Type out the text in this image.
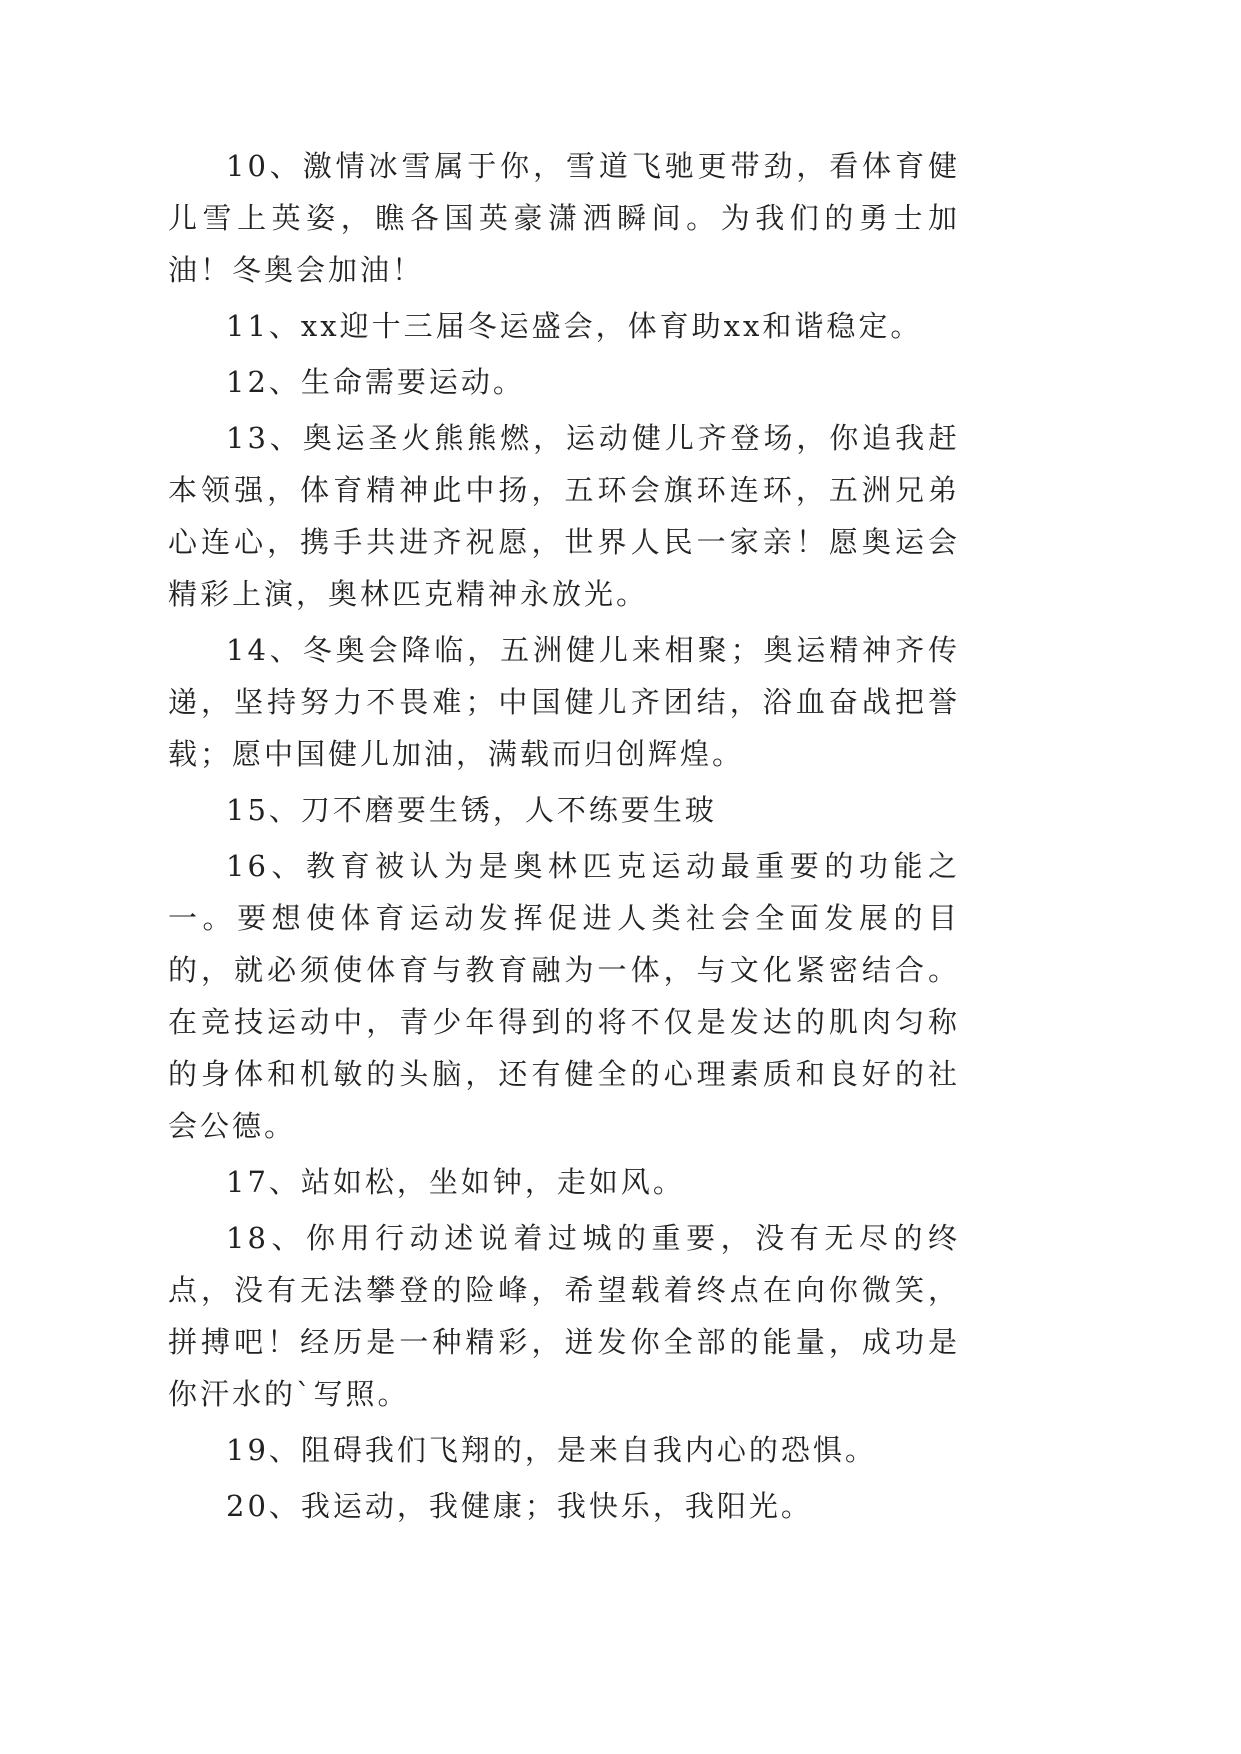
10、激情冰雪属于你，雪道飞驰更带劲，看体育健儿雪上英姿，瞧各国英豪潇洒瞬间。为我们的勇士加油！冬奥会加油！

11、xx迎十三届冬运盛会，体育助xx和谐稳定。

12、生命需要运动。

13、奥运圣火熊熊燃，运动健儿齐登场，你追我赶本领强，体育精神此中扬，五环会旗环连环，五洲兄弟心连心，携手共进齐祝愿，世界人民一家亲！愿奥运会精彩上演，奥林匹克精神永放光。

14、冬奥会降临，五洲健儿来相聚；奥运精神齐传递，坚持努力不畏难；中国健儿齐团结，浴血奋战把誉载；愿中国健儿加油，满载而归创辉煌。

15、刀不磨要生锈，人不练要生玻

16、教育被认为是奥林匹克运动最重要的功能之一。要想使体育运动发挥促进人类社会全面发展的目的，就必须使体育与教育融为一体，与文化紧密结合。在竞技运动中，青少年得到的将不仅是发达的肌肉匀称的身体和机敏的头脑，还有健全的心理素质和良好的社会公德。

17、站如松，坐如钟，走如风。

18、你用行动述说着过城的重要，没有无尽的终点，没有无法攀登的险峰，希望载着终点在向你微笑，拼搏吧！经历是一种精彩，迸发你全部的能量，成功是你汗水的`写照。

19、阻碍我们飞翔的，是来自我内心的恐惧。

20、我运动，我健康；我快乐，我阳光。
